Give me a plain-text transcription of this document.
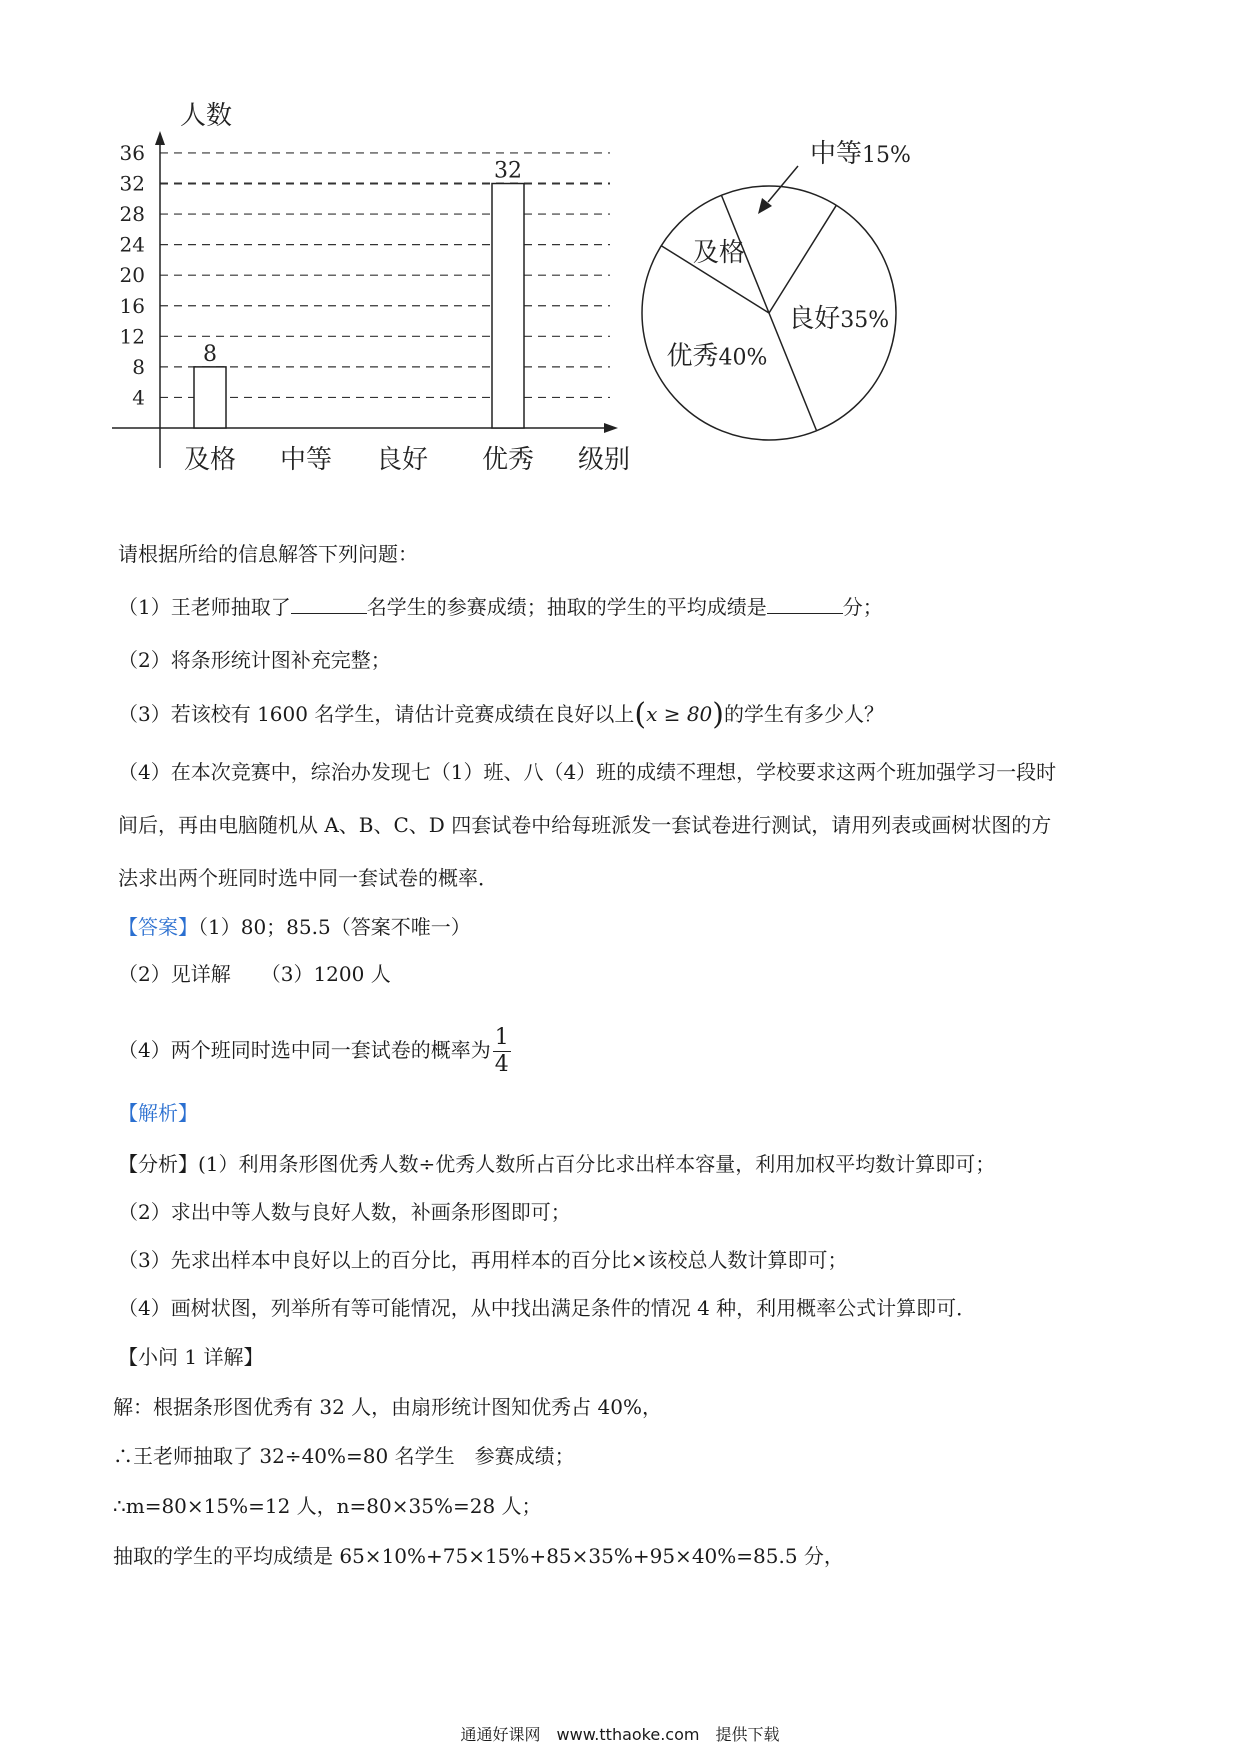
4
8
12
16
20
24
28
32
36
人数
级别
及格
8
中等 良好 优秀
32
中等 15%
良好35%
优秀40%
及格
请根据所给的信息解答下列问题：
（1）王老师抽取了	名学生的参赛成绩；抽取的学生的平均成绩是	分；
（2）将条形统计图补充完整；
（3）若该校有 1600 名学生，请估计竞赛成绩在良好以上(x ≥ 80)的学生有多少人？
（4）在本次竞赛中，综治办发现七（1）班、八（4）班的成绩不理想，学校要求这两个班加强学习一段时
间后，再由电脑随机从 A、B、C、D 四套试卷中给每班派发一套试卷进行测试，请用列表或画树状图的方
法求出两个班同时选中同一套试卷的概率．
【答案】（1）80；85.5（答案不唯一）
（2）见详解　　（3）1200 人
（4）两个班同时选中同一套试卷的概率为 $\frac{1}{4}$
【解析】
【分析】(1）利用条形图优秀人数÷优秀人数所占百分比求出样本容量，利用加权平均数计算即可；
（2）求出中等人数与良好人数，补画条形图即可；
（3）先求出样本中良好以上的百分比，再用样本的百分比×该校总人数计算即可；
（4）画树状图，列举所有等可能情况，从中找出满足条件的情况 4 种，利用概率公式计算即可．
【小问 1 详解】
解：根据条形图优秀有 32 人，由扇形统计图知优秀占 40%，
∴王老师抽取了 32÷40%=80 名学生　参赛成绩；
∴m=80×15%=12 人，n=80×35%=28 人；
抽取的学生的平均成绩是 65×10%+75×15%+85×35%+95×40%=85.5 分，
通通好课网　www.tthaoke.com　提供下载
